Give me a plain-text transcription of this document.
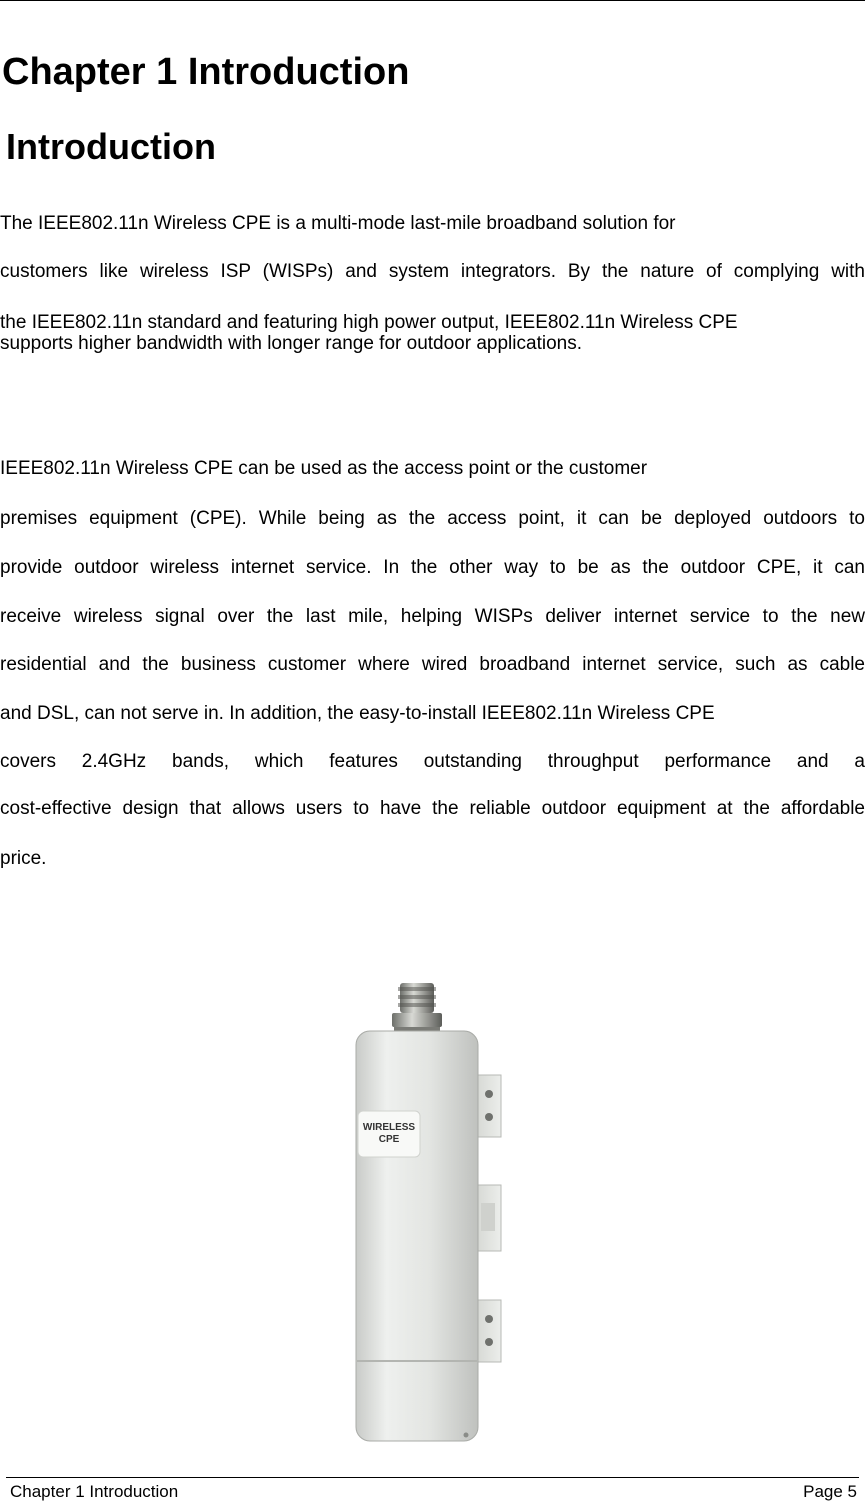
Chapter 1 Introduction
Introduction
The IEEE802.11n Wireless CPE is a multi-mode last-mile broadband solution for
customers like wireless ISP (WISPs) and system integrators. By the nature of complying with
the IEEE802.11n standard and featuring high power output, IEEE802.11n Wireless CPE
supports higher bandwidth with longer range for outdoor applications.
IEEE802.11n Wireless CPE can be used as the access point or the customer
premises equipment (CPE). While being as the access point, it can be deployed outdoors to
provide outdoor wireless internet service. In the other way to be as the outdoor CPE, it can
receive wireless signal over the last mile, helping WISPs deliver internet service to the new
residential and the business customer where wired broadband internet service, such as cable
and DSL, can not serve in. In addition, the easy-to-install IEEE802.11n Wireless CPE
covers 2.4GHz bands, which features outstanding throughput performance and a
cost-effective design that allows users to have the reliable outdoor equipment at the affordable
price.
WIRELESS
CPE
Chapter 1 Introduction	Page 5
